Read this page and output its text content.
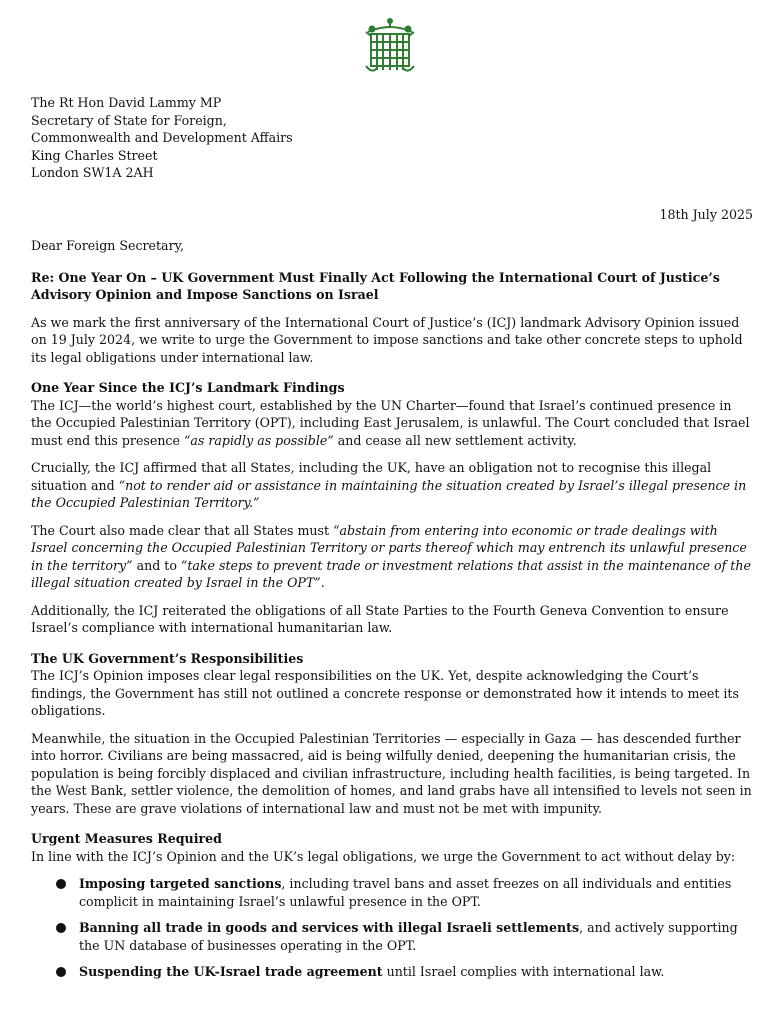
The Rt Hon David Lammy MP
Secretary of State for Foreign,
Commonwealth and Development Affairs
King Charles Street
London SW1A 2AH
18th July 2025
Dear Foreign Secretary,
Re: One Year On – UK Government Must Finally Act Following the International Court of Justice’s Advisory Opinion and Impose Sanctions on Israel

As we mark the first anniversary of the International Court of Justice’s (ICJ) landmark Advisory Opinion issued on 19 July 2024, we write to urge the Government to impose sanctions and take other concrete steps to uphold its legal obligations under international law.

One Year Since the ICJ’s Landmark Findings

The ICJ—the world’s highest court, established by the UN Charter—found that Israel’s continued presence in the Occupied Palestinian Territory (OPT), including East Jerusalem, is unlawful. The Court concluded that Israel must end this presence “as rapidly as possible” and cease all new settlement activity.

Crucially, the ICJ affirmed that all States, including the UK, have an obligation not to recognise this illegal situation and “not to render aid or assistance in maintaining the situation created by Israel’s illegal presence in the Occupied Palestinian Territory.”

The Court also made clear that all States must “abstain from entering into economic or trade dealings with Israel concerning the Occupied Palestinian Territory or parts thereof which may entrench its unlawful presence in the territory” and to “take steps to prevent trade or investment relations that assist in the maintenance of the illegal situation created by Israel in the OPT”.

Additionally, the ICJ reiterated the obligations of all State Parties to the Fourth Geneva Convention to ensure Israel’s compliance with international humanitarian law.

The UK Government’s Responsibilities

The ICJ’s Opinion imposes clear legal responsibilities on the UK. Yet, despite acknowledging the Court’s findings, the Government has still not outlined a concrete response or demonstrated how it intends to meet its obligations.

Meanwhile, the situation in the Occupied Palestinian Territories — especially in Gaza — has descended further into horror. Civilians are being massacred, aid is being wilfully denied, deepening the humanitarian crisis, the population is being forcibly displaced and civilian infrastructure, including health facilities, is being targeted. In the West Bank, settler violence, the demolition of homes, and land grabs have all intensified to levels not seen in years. These are grave violations of international law and must not be met with impunity.

Urgent Measures Required

In line with the ICJ’s Opinion and the UK’s legal obligations, we urge the Government to act without delay by:

Imposing targeted sanctions, including travel bans and asset freezes on all individuals and entities complicit in maintaining Israel’s unlawful presence in the OPT.
Banning all trade in goods and services with illegal Israeli settlements, and actively supporting the UN database of businesses operating in the OPT.
Suspending the UK-Israel trade agreement until Israel complies with international law.
